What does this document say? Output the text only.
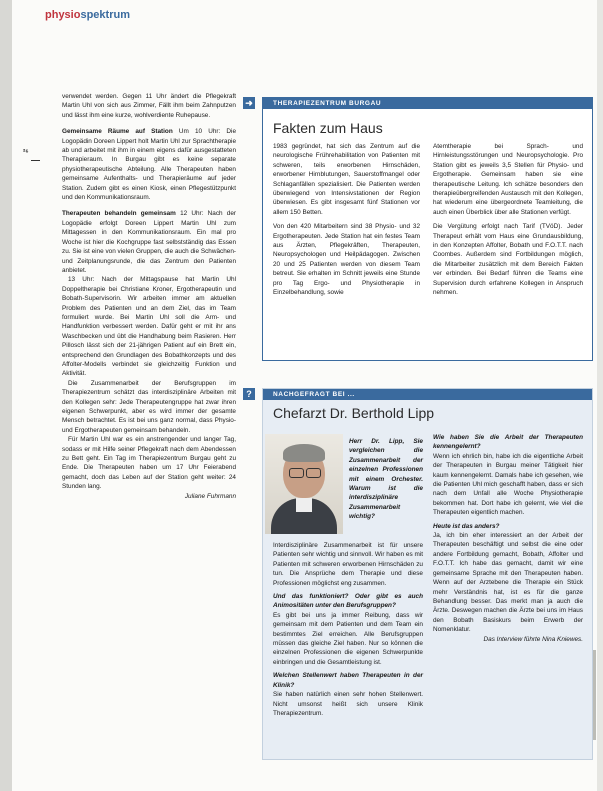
physiospektrum
²⁶

verwendet werden. Gegen 11 Uhr ändert die Pflegekraft Martin Uhl von sich aus Zimmer, Fällt ihm beim Zahnputzen und lässt ihm eine kurze, wohlverdiente Ruhepause.

Gemeinsame Räume auf Station Um 10 Uhr: Die Logopädin Doreen Lippert holt Martin Uhl zur Sprachtherapie ab und arbeitet mit ihm in einem eigens dafür ausgestatteten Therapieraum. In Burgau gibt es keine separate physiotherapeutische Abteilung. Alle Therapeuten haben gemeinsame Aufenthalts- und Therapieräume auf jeder Station. Zudem gibt es einen Kiosk, einen Pflegestützpunkt und den Kommunikationsraum.

Therapeuten behandeln gemeinsam 12 Uhr: Nach der Logopädie erfolgt Doreen Lippert Martin Uhl zum Mittagessen in den Kommunikationsraum. Ein mal pro Woche ist hier die Kochgruppe fast selbstständig das Essen zu. Sie ist eine von vielen Gruppen, die auch die Schwächen- und Zeitplanungsrunde, die das Zentrum den Patienten anbietet.

13 Uhr: Nach der Mittagspause hat Martin Uhl Doppeltherapie bei Christiane Kroner, Ergotherapeutin und Bobath-Supervisorin. Wir arbeiten immer am aktuellen Problem des Patienten und an dem Ziel, das im Team formuliert wurde. Bei Martin Uhl soll die Arm- und Handfunktion verbessert werden. Dafür geht er mit ihr ans Waschbecken und übt die Handhabung beim Rasieren. Herr Pillosch lässt sich der 21-jährigen Patient auf ein Brett ein, entsprechend den Grundlagen des Bobathkonzepts und des Affolter-Modells verbindet sie gleichzeitig Funktion und Aktivität.

Die Zusammenarbeit der Berufsgruppen im Therapiezentrum schätzt das interdisziplinäre Arbeiten mit den Kollegen sehr: Jede Therapeutengruppe hat zwar ihren eigenen Schwerpunkt, aber es wird immer der gesamte Mensch betrachtet. Es ist bei uns ganz normal, dass Physio- und Ergotherapeuten gemeinsam behandeln.

Für Martin Uhl war es ein anstrengender und langer Tag, sodass er mit Hilfe seiner Pflegekraft nach dem Abendessen zu Bett geht. Ein Tag im Therapiezentrum Burgau geht zu Ende. Die Therapeuten haben um 17 Uhr Feierabend gemacht, doch das Leben auf der Station geht weiter: 24 Stunden lang.

Juliane Fuhrmann
➜	THERAPIEZENTRUM BURGAU
Fakten zum Haus

1983 gegründet, hat sich das Zentrum auf die neurologische Frührehabilitation von Patienten mit schweren, teils erworbenen Hirnschäden, erworbener Hirnblutungen, Sauerstoffmangel oder Schlaganfällen spezialisiert. Die Patienten werden überwiegend von Intensivstationen der Region überwiesen. Es gibt insgesamt fünf Stationen vor allem 150 Betten.

Von den 420 Mitarbeitern sind 38 Physio- und 32 Ergotherapeuten. Jede Station hat ein festes Team aus Ärzten, Pflegekräften, Therapeuten, Neuropsychologen und Heilpädagogen. Zwischen 20 und 25 Patienten werden von diesem Team betreut. Sie erhalten im Schnitt jeweils eine Stunde pro Tag Ergo- und Physiotherapie in Einzelbehandlung, sowie

Atemtherapie bei Sprach- und Hirnleistungsstörungen und Neuropsychologie. Pro Station gibt es jeweils 3,5 Stellen für Physio- und Ergotherapie. Gemeinsam haben sie eine therapeutische Leitung. Ich schätze besonders den therapieübergreifenden Austausch mit den Kollegen, hat wiederum eine übergeordnete Teamleitung, die auch einen Überblick über alle Stationen verfügt.

Die Vergütung erfolgt nach Tarif (TVöD). Jeder Therapeut erhält vom Haus eine Grundausbildung, in den Konzepten Affolter, Bobath und F.O.T.T. nach Coombes. Außerdem sind Fortbildungen möglich, die Mitarbeiter zusätzlich mit dem Bereich Fakten ver erbinden. Bei Bedarf führen die Teams eine Supervision durch erfahrene Kollegen in Anspruch nehmen.

?	NACHGEFRAGT BEI ...
Chefarzt Dr. Berthold Lipp

Herr Dr. Lipp, Sie vergleichen die Zusammenarbeit der einzelnen Professionen mit einem Orchester. Warum ist die interdisziplinäre Zusammenarbeit wichtig?

Interdisziplinäre Zusammenarbeit ist für unsere Patienten sehr wichtig und sinnvoll. Wir haben es mit Patienten mit schweren erworbenen Hirnschäden zu tun. Die Ansprüche dem Therapie und diese Professionen möglichst eng zusammen.

Und das funktioniert? Oder gibt es auch Animositäten unter den Berufsgruppen?

Es gibt bei uns ja immer Reibung, dass wir gemeinsam mit dem Patienten und dem Team ein bestimmtes Ziel erreichen. Alle Berufsgruppen müssen das gleiche Ziel haben. Nur so können die einzelnen Professionen die eigenen Schwerpunkte einbringen und die Gesamtleistung ist.

Welchen Stellenwert haben Therapeuten in der Klinik?

Sie haben natürlich einen sehr hohen Stellenwert. Nicht umsonst heißt sich unsere Klinik Therapiezentrum.

Wie haben Sie die Arbeit der Therapeuten kennengelernt?

Wenn ich ehrlich bin, habe ich die eigentliche Arbeit der Therapeuten in Burgau meiner Tätigkeit hier kaum kennengelernt. Damals habe ich gesehen, wie die Patienten Uhl mich geschafft haben, dass er sich nach dem Unfall alle Woche Physiotherapie bekommen hat. Dort habe ich gelernt, wie viel die Therapeuten eigentlich machen.

Heute ist das anders?

Ja, ich bin eher interessiert an der Arbeit der Therapeuten beschäftigt und selbst die eine oder andere Fortbildung gemacht, Bobath, Affolter und F.O.T.T. Ich habe das gemacht, damit wir eine gemeinsame Sprache mit den Therapeuten haben. Wenn auf der Arztebene die Therapie ein Stück mehr Verständnis hat, ist es für die ganze Behandlung besser. Das merkt man ja auch die Ärzte. Deswegen machen die Ärzte bei uns im Haus den Bobath Basiskurs beim Erwerb der Nomenklatur.

Das Interview führte Nina Kniewes.
